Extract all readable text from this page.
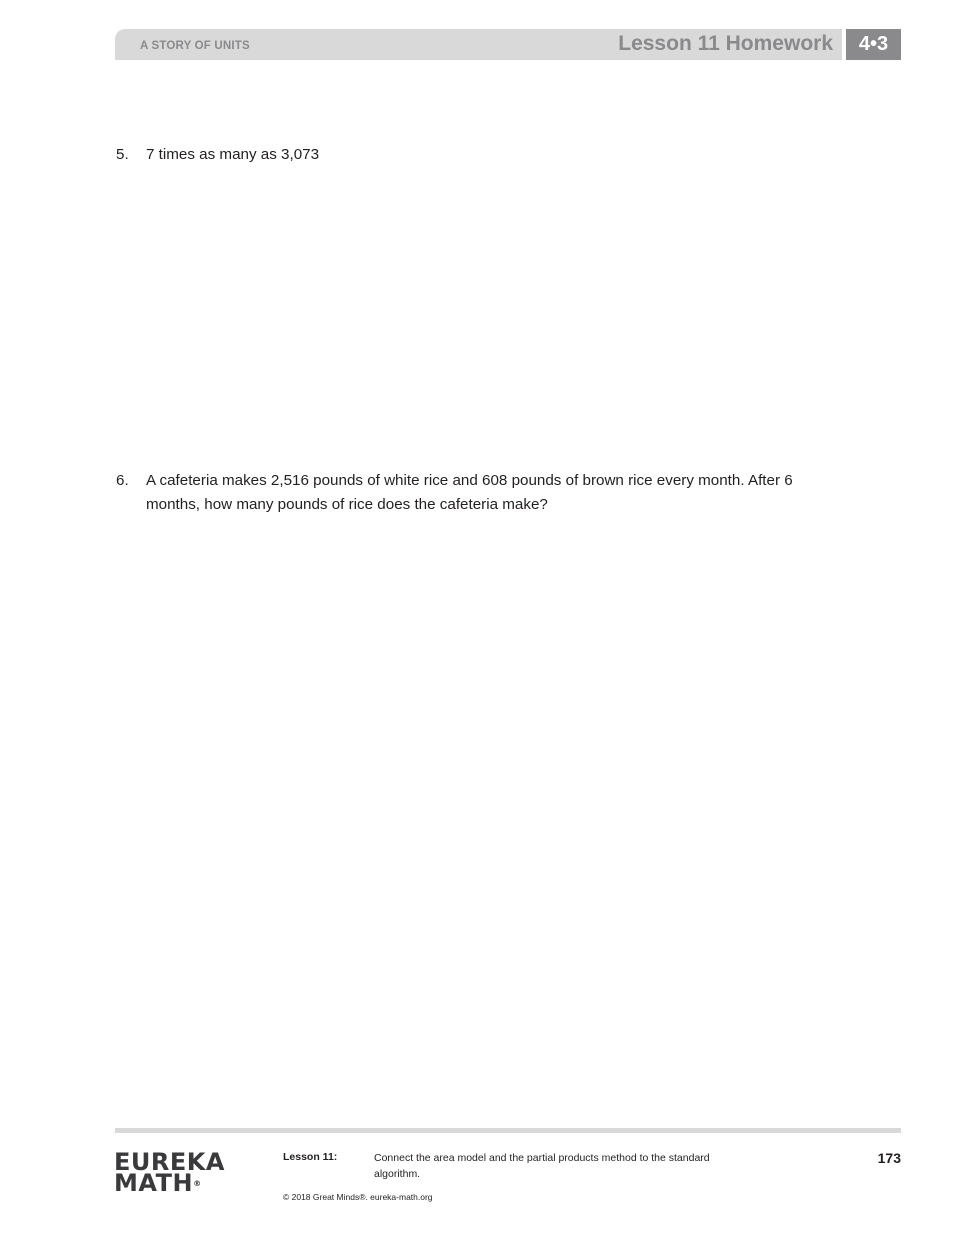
A STORY OF UNITS	Lesson 11 Homework	4•3
5. 7 times as many as 3,073
6. A cafeteria makes 2,516 pounds of white rice and 608 pounds of brown rice every month. After 6 months, how many pounds of rice does the cafeteria make?
EUREKA
MATH®
Lesson 11:	Connect the area model and the partial products method to the standard algorithm.
© 2018 Great Minds®. eureka-math.org
173
